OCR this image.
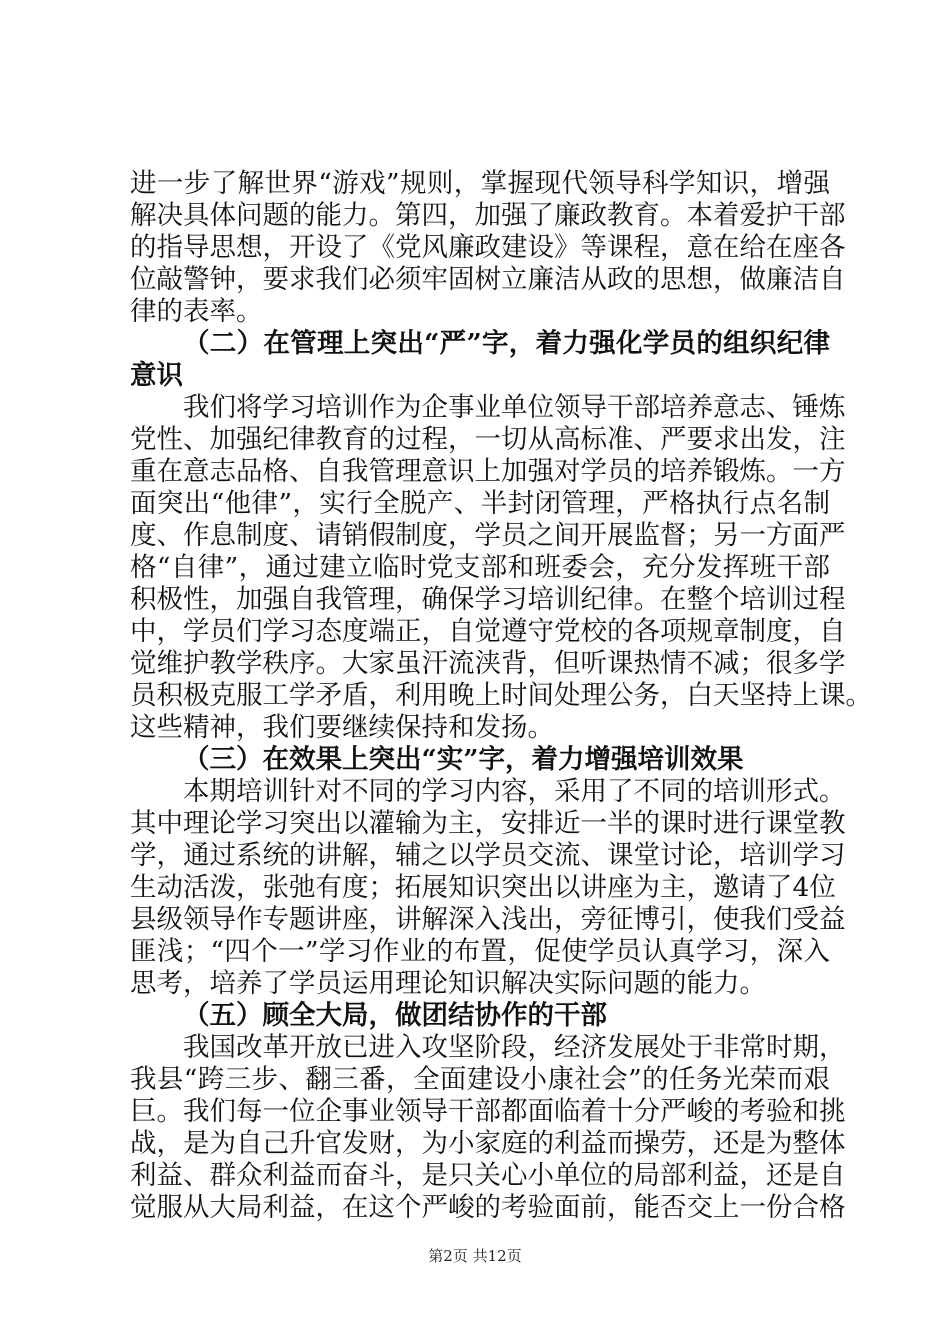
进一步了解世界“游戏”规则，掌握现代领导科学知识，增强
解决具体问题的能力。第四，加强了廉政教育。本着爱护干部
的指导思想，开设了《党风廉政建设》等课程，意在给在座各
位敲警钟，要求我们必须牢固树立廉洁从政的思想，做廉洁自
律的表率。
（二）在管理上突出“严”字，着力强化学员的组织纪律
意识
我们将学习培训作为企事业单位领导干部培养意志、锤炼
党性、加强纪律教育的过程，一切从高标准、严要求出发，注
重在意志品格、自我管理意识上加强对学员的培养锻炼。一方
面突出“他律”，实行全脱产、半封闭管理，严格执行点名制
度、作息制度、请销假制度，学员之间开展监督；另一方面严
格“自律”，通过建立临时党支部和班委会，充分发挥班干部
积极性，加强自我管理，确保学习培训纪律。在整个培训过程
中，学员们学习态度端正，自觉遵守党校的各项规章制度，自
觉维护教学秩序。大家虽汗流浃背，但听课热情不减；很多学
员积极克服工学矛盾，利用晚上时间处理公务，白天坚持上课。
这些精神，我们要继续保持和发扬。
（三）在效果上突出“实”字，着力增强培训效果
本期培训针对不同的学习内容，采用了不同的培训形式。
其中理论学习突出以灌输为主，安排近一半的课时进行课堂教
学，通过系统的讲解，辅之以学员交流、课堂讨论，培训学习
生动活泼，张弛有度；拓展知识突出以讲座为主，邀请了4位
县级领导作专题讲座，讲解深入浅出，旁征博引，使我们受益
匪浅；“四个一”学习作业的布置，促使学员认真学习，深入
思考，培养了学员运用理论知识解决实际问题的能力。
（五）顾全大局，做团结协作的干部
我国改革开放已进入攻坚阶段，经济发展处于非常时期，
我县“跨三步、翻三番，全面建设小康社会”的任务光荣而艰
巨。我们每一位企事业领导干部都面临着十分严峻的考验和挑
战，是为自己升官发财，为小家庭的利益而操劳，还是为整体
利益、群众利益而奋斗，是只关心小单位的局部利益，还是自
觉服从大局利益，在这个严峻的考验面前，能否交上一份合格
第2页 共12页
